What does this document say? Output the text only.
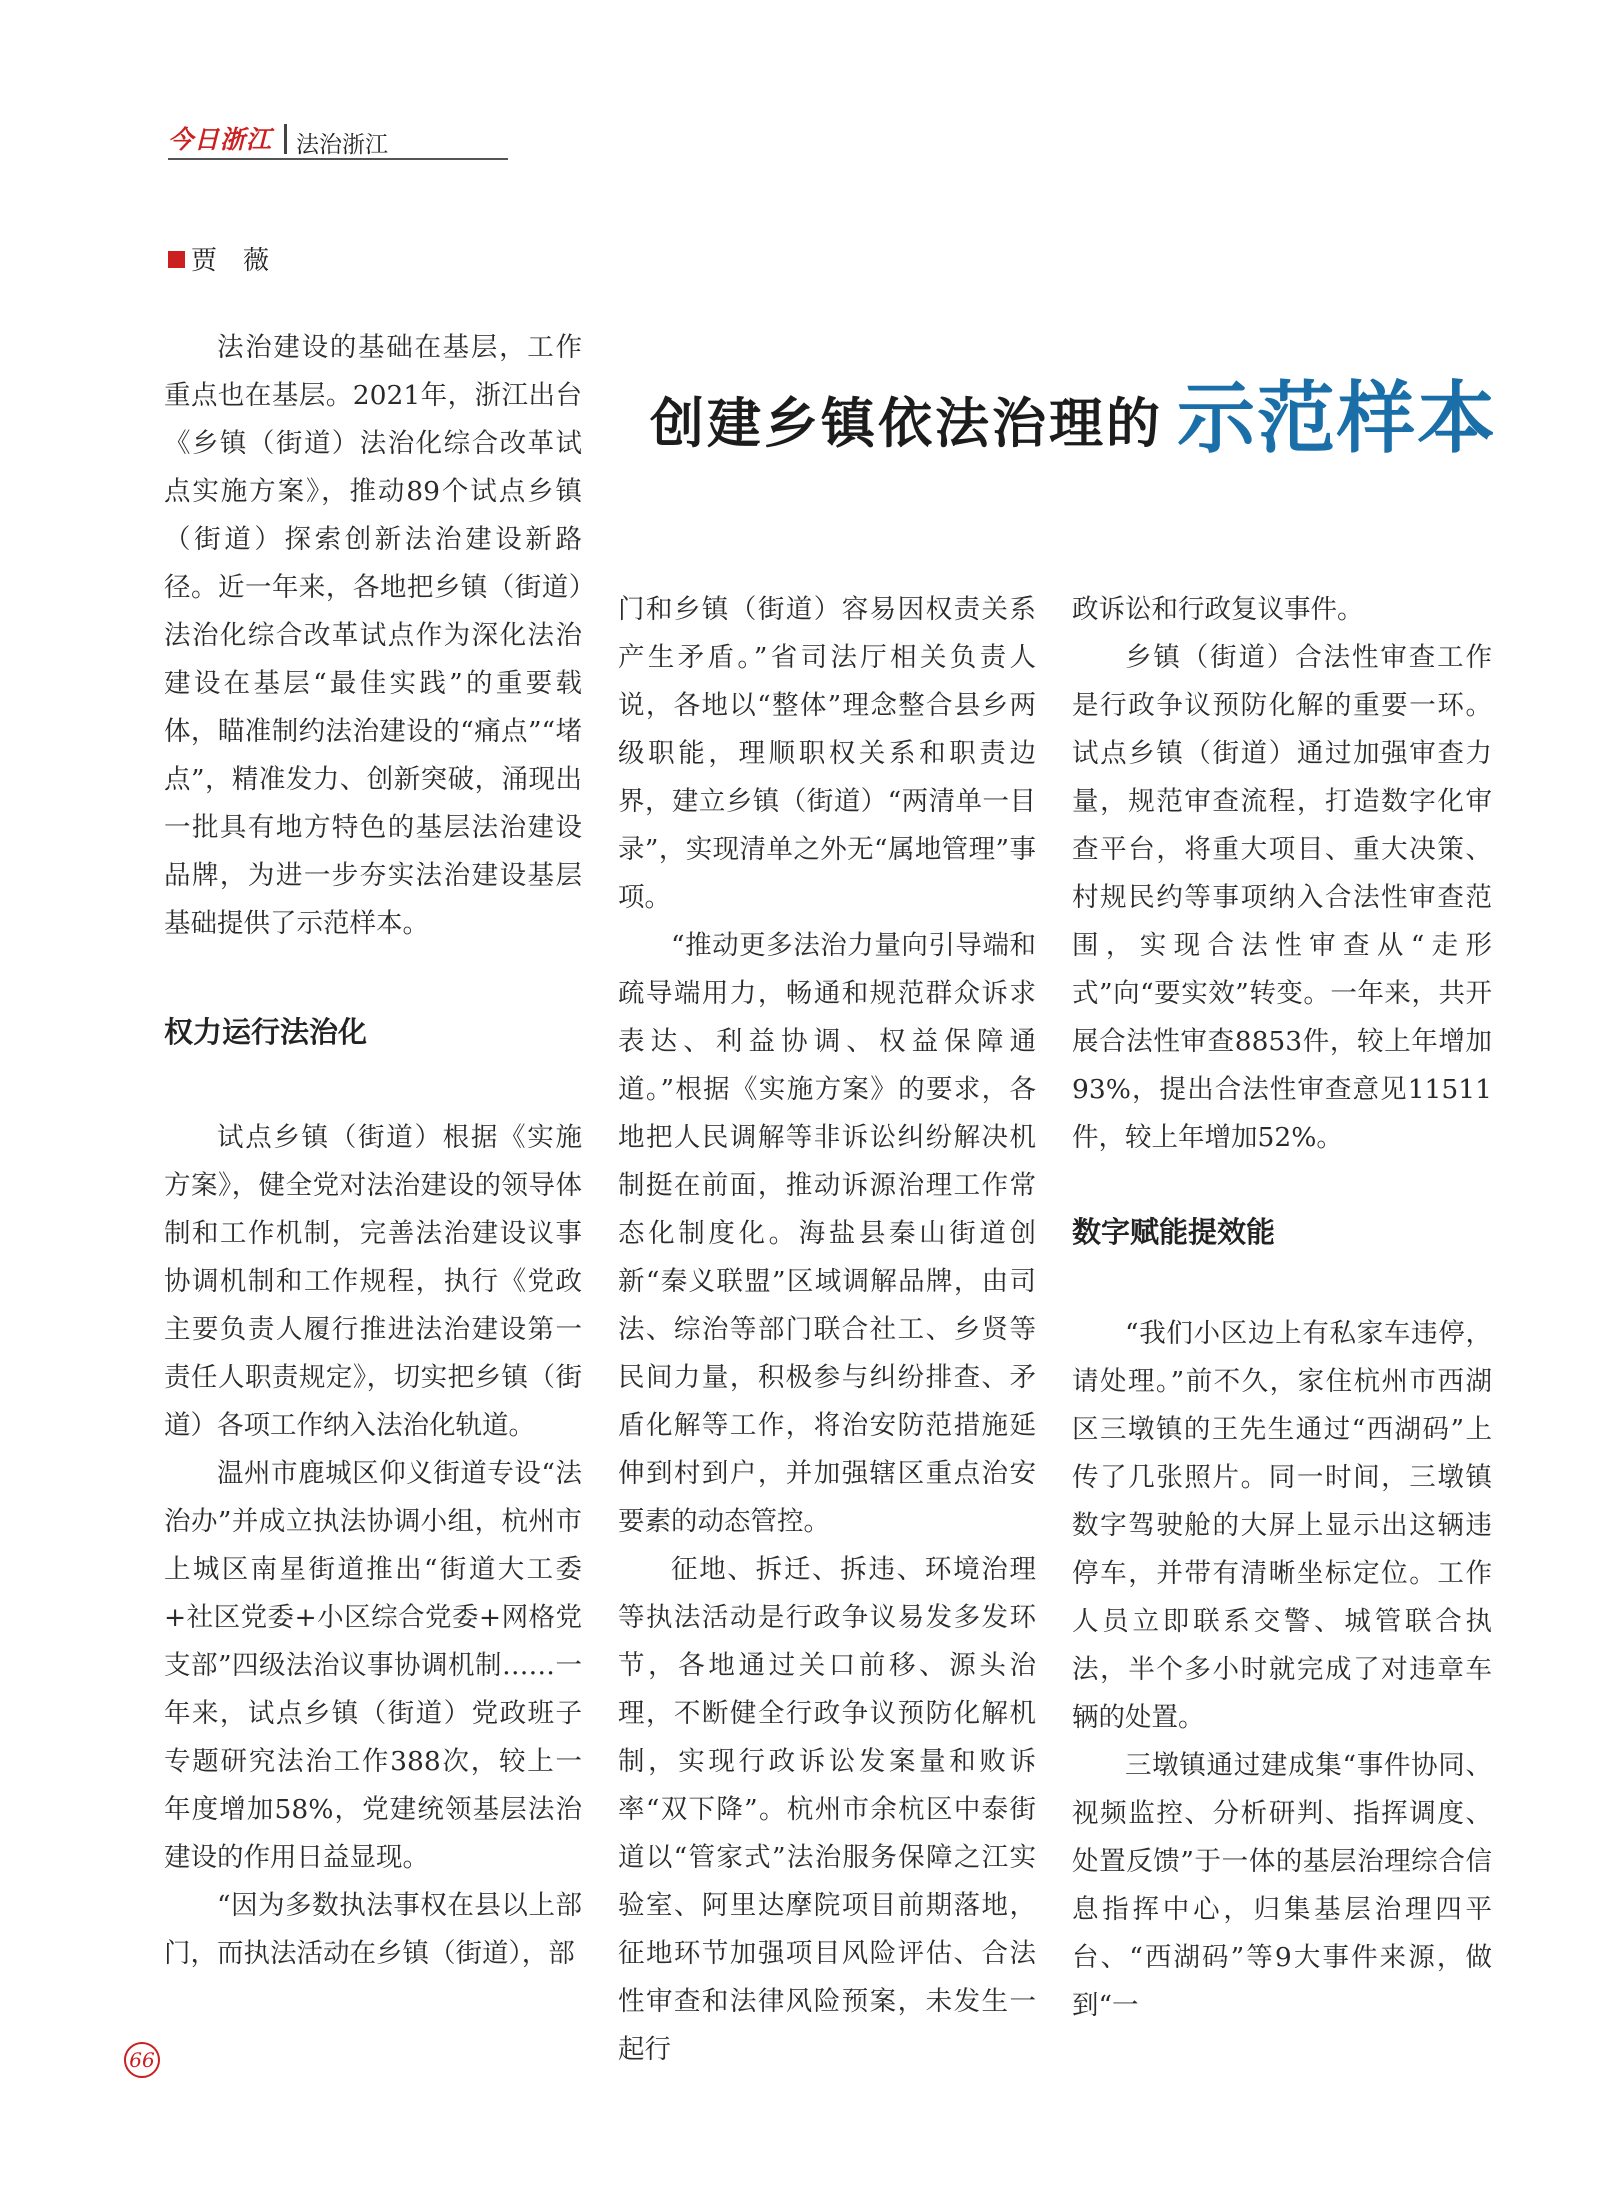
今日浙江 法治浙江
贾　薇
创建乡镇依法治理的 示范样本

法治建设的基础在基层，工作重点也在基层。2021年，浙江出台《乡镇（街道）法治化综合改革试点实施方案》，推动89个试点乡镇（街道）探索创新法治建设新路径。近一年来，各地把乡镇（街道）法治化综合改革试点作为深化法治建设在基层“最佳实践”的重要载体，瞄准制约法治建设的“痛点”“堵点”，精准发力、创新突破，涌现出一批具有地方特色的基层法治建设品牌，为进一步夯实法治建设基层基础提供了示范样本。

权力运行法治化

试点乡镇（街道）根据《实施方案》，健全党对法治建设的领导体制和工作机制，完善法治建设议事协调机制和工作规程，执行《党政主要负责人履行推进法治建设第一责任人职责规定》，切实把乡镇（街道）各项工作纳入法治化轨道。

温州市鹿城区仰义街道专设“法治办”并成立执法协调小组，杭州市上城区南星街道推出“街道大工委+社区党委+小区综合党委+网格党支部”四级法治议事协调机制……一年来，试点乡镇（街道）党政班子专题研究法治工作388次，较上一年度增加58%，党建统领基层法治建设的作用日益显现。

“因为多数执法事权在县以上部门，而执法活动在乡镇（街道），部

门和乡镇（街道）容易因权责关系产生矛盾。”省司法厅相关负责人说，各地以“整体”理念整合县乡两级职能，理顺职权关系和职责边界，建立乡镇（街道）“两清单一目录”，实现清单之外无“属地管理”事项。

“推动更多法治力量向引导端和疏导端用力，畅通和规范群众诉求表达、利益协调、权益保障通道。”根据《实施方案》的要求，各地把人民调解等非诉讼纠纷解决机制挺在前面，推动诉源治理工作常态化制度化。海盐县秦山街道创新“秦义联盟”区域调解品牌，由司法、综治等部门联合社工、乡贤等民间力量，积极参与纠纷排查、矛盾化解等工作，将治安防范措施延伸到村到户，并加强辖区重点治安要素的动态管控。

征地、拆迁、拆违、环境治理等执法活动是行政争议易发多发环节，各地通过关口前移、源头治理，不断健全行政争议预防化解机制，实现行政诉讼发案量和败诉率“双下降”。杭州市余杭区中泰街道以“管家式”法治服务保障之江实验室、阿里达摩院项目前期落地，征地环节加强项目风险评估、合法性审查和法律风险预案，未发生一起行

政诉讼和行政复议事件。

乡镇（街道）合法性审查工作是行政争议预防化解的重要一环。试点乡镇（街道）通过加强审查力量，规范审查流程，打造数字化审查平台，将重大项目、重大决策、村规民约等事项纳入合法性审查范围，实现合法性审查从“走形式”向“要实效”转变。一年来，共开展合法性审查8853件，较上年增加93%，提出合法性审查意见11511件，较上年增加52%。

数字赋能提效能

“我们小区边上有私家车违停，请处理。”前不久，家住杭州市西湖区三墩镇的王先生通过“西湖码”上传了几张照片。同一时间，三墩镇数字驾驶舱的大屏上显示出这辆违停车，并带有清晰坐标定位。工作人员立即联系交警、城管联合执法，半个多小时就完成了对违章车辆的处置。

三墩镇通过建成集“事件协同、视频监控、分析研判、指挥调度、处置反馈”于一体的基层治理综合信息指挥中心，归集基层治理四平台、“西湖码”等9大事件来源，做到“一

66
